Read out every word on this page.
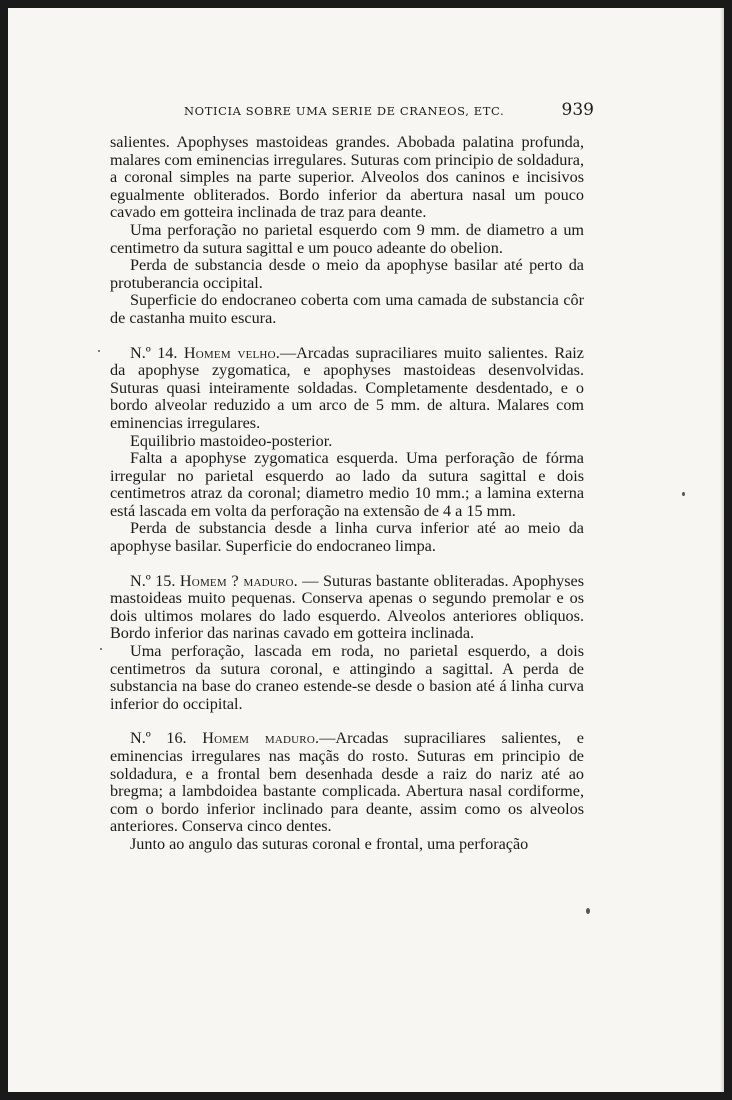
NOTICIA SOBRE UMA SERIE DE CRANEOS, ETC.	939

salientes. Apophyses mastoideas grandes. Abobada palatina profunda, malares com eminencias irregulares. Suturas com principio de soldadura, a coronal simples na parte superior. Alveolos dos caninos e incisivos egualmente obliterados. Bordo inferior da abertura nasal um pouco cavado em gotteira inclinada de traz para deante.

Uma perforação no parietal esquerdo com 9 mm. de diametro a um centimetro da sutura sagittal e um pouco adeante do obelion.

Perda de substancia desde o meio da apophyse basilar até perto da protuberancia occipital.

Superficie do endocraneo coberta com uma camada de substancia côr de castanha muito escura.

N.º 14. Homem velho.—Arcadas supraciliares muito salientes. Raiz da apophyse zygomatica, e apophyses mastoideas desenvolvidas. Suturas quasi inteiramente soldadas. Completamente desdentado, e o bordo alveolar reduzido a um arco de 5 mm. de altura. Malares com eminencias irregulares.

Equilibrio mastoideo-posterior.

Falta a apophyse zygomatica esquerda. Uma perforação de fórma irregular no parietal esquerdo ao lado da sutura sagittal e dois centimetros atraz da coronal; diametro medio 10 mm.; a lamina externa está lascada em volta da perforação na extensão de 4 a 15 mm.

Perda de substancia desde a linha curva inferior até ao meio da apophyse basilar. Superficie do endocraneo limpa.

N.º 15. Homem ? maduro. — Suturas bastante obliteradas. Apophyses mastoideas muito pequenas. Conserva apenas o segundo premolar e os dois ultimos molares do lado esquerdo. Alveolos anteriores obliquos. Bordo inferior das narinas cavado em gotteira inclinada.

Uma perforação, lascada em roda, no parietal esquerdo, a dois centimetros da sutura coronal, e attingindo a sagittal. A perda de substancia na base do craneo estende-se desde o basion até á linha curva inferior do occipital.

N.º 16. Homem maduro.—Arcadas supraciliares salientes, e eminencias irregulares nas maçãs do rosto. Suturas em principio de soldadura, e a frontal bem desenhada desde a raiz do nariz até ao bregma; a lambdoidea bastante complicada. Abertura nasal cordiforme, com o bordo inferior inclinado para deante, assim como os alveolos anteriores. Conserva cinco dentes.

Junto ao angulo das suturas coronal e frontal, uma perforação
